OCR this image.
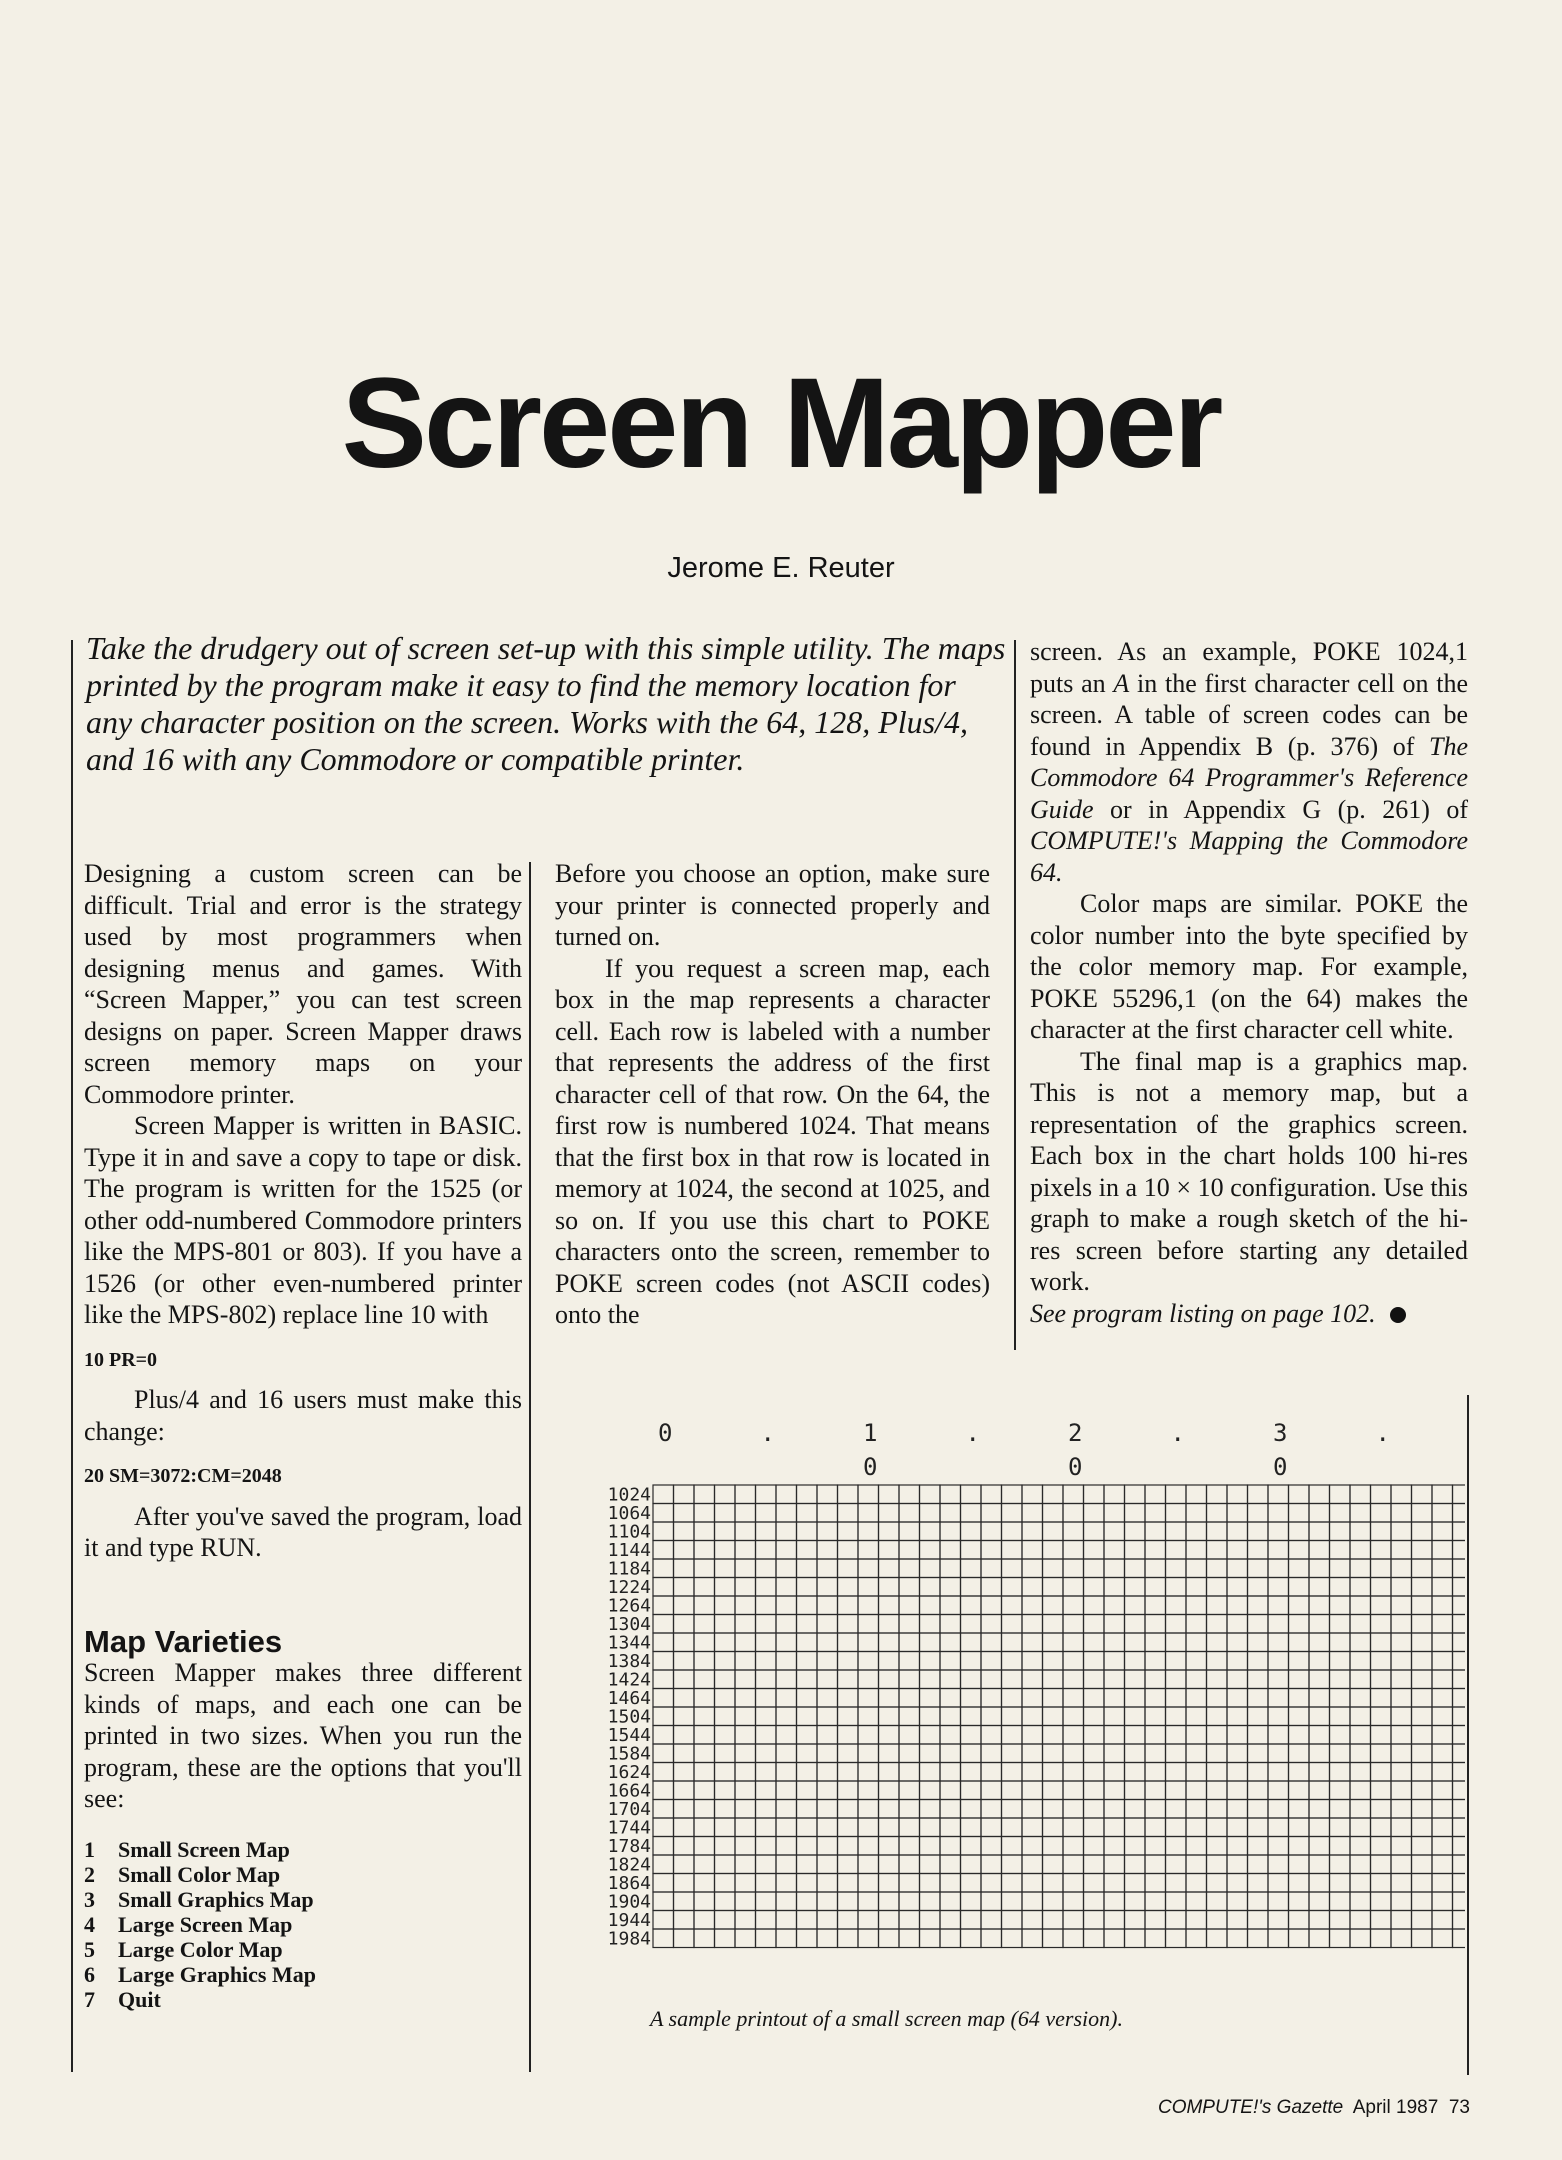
Screen Mapper
Jerome E. Reuter
Take the drudgery out of screen set-up with this simple utility. The maps printed by the program make it easy to find the memory location for any character position on the screen. Works with the 64, 128, Plus/4, and 16 with any Commodore or compatible printer.

Designing a custom screen can be difficult. Trial and error is the strategy used by most programmers when designing menus and games. With “Screen Mapper,” you can test screen designs on paper. Screen Mapper draws screen memory maps on your Commodore printer.

Screen Mapper is written in BASIC. Type it in and save a copy to tape or disk. The program is written for the 1525 (or other odd-numbered Commodore printers like the MPS-801 or 803). If you have a 1526 (or other even-numbered printer like the MPS-802) replace line 10 with

10 PR=0

Plus/4 and 16 users must make this change:

20 SM=3072:CM=2048

After you've saved the program, load it and type RUN.

Map Varieties

Screen Mapper makes three different kinds of maps, and each one can be printed in two sizes. When you run the program, these are the options that you'll see:

1 Small Screen Map
2 Small Color Map
3 Small Graphics Map
4 Large Screen Map
5 Large Color Map
6 Large Graphics Map
7 Quit

Before you choose an option, make sure your printer is connected properly and turned on.

If you request a screen map, each box in the map represents a character cell. Each row is labeled with a number that represents the address of the first character cell of that row. On the 64, the first row is numbered 1024. That means that the first box in that row is located in memory at 1024, the second at 1025, and so on. If you use this chart to POKE characters onto the screen, remember to POKE screen codes (not ASCII codes) onto the

screen. As an example, POKE 1024,1 puts an A in the first character cell on the screen. A table of screen codes can be found in Appendix B (p. 376) of The Commodore 64 Programmer's Reference Guide or in Appendix G (p. 261) of COMPUTE!'s Mapping the Commodore 64.

Color maps are similar. POKE the color number into the byte specified by the color memory map. For example, POKE 55296,1 (on the 64) makes the character at the first character cell white.

The final map is a graphics map. This is not a memory map, but a representation of the graphics screen. Each box in the chart holds 100 hi-res pixels in a 10 × 10 configuration. Use this graph to make a rough sketch of the hi-res screen before starting any detailed work.

See program listing on page 102.

0	.	1	.	2	.	3	.
0	0	0
1024
1064
1104
1144
1184
1224
1264
1304
1344
1384
1424
1464
1504
1544
1584
1624
1664
1704
1744
1784
1824
1864
1904
1944
1984
A sample printout of a small screen map (64 version).
COMPUTE!'s Gazette April 1987 73
